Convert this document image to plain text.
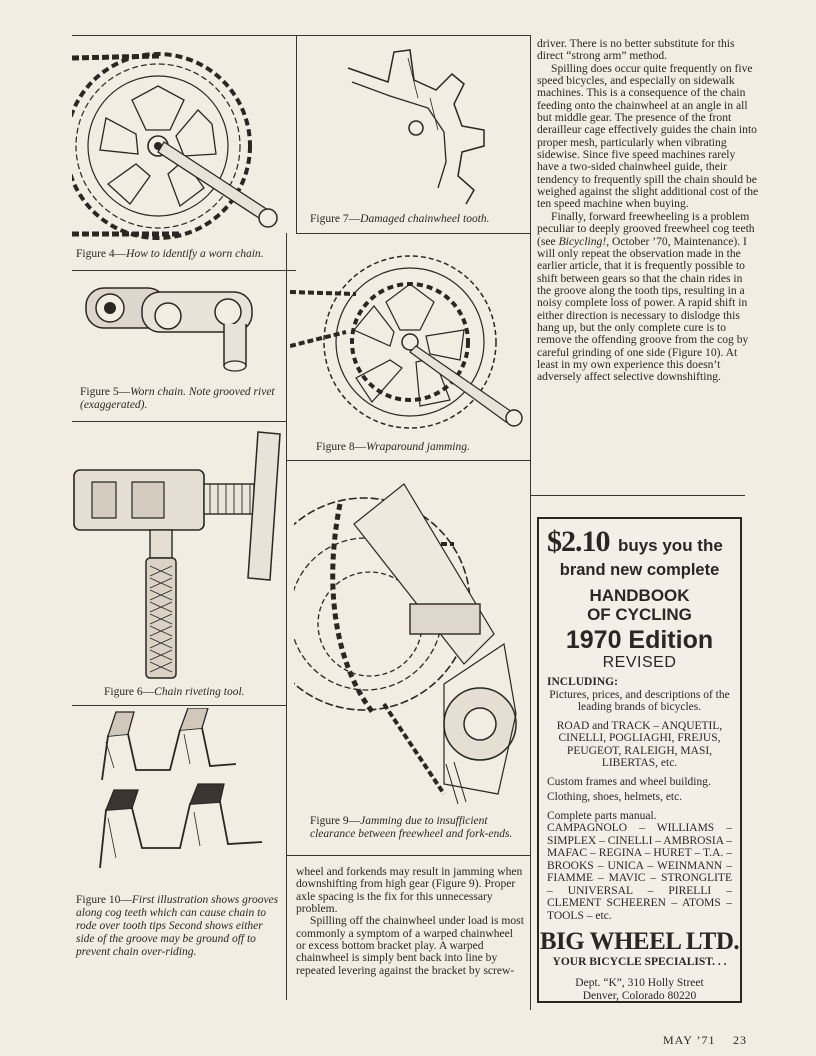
Figure 4—How to identify a worn chain.
Figure 7—Damaged chainwheel tooth.
Figure 5—Worn chain. Note grooved rivet (exaggerated).
Figure 8—Wraparound jamming.
Figure 6—Chain riveting tool.
Figure 9—Jamming due to insufficient clearance between freewheel and fork-ends.
Figure 10—First illustration shows grooves along cog teeth which can cause chain to rode over tooth tips Second shows either side of the groove may be ground off to prevent chain over-riding.

wheel and forkends may result in jamming when downshifting from high gear (Figure 9). Proper axle spacing is the fix for this unnecessary problem.

Spilling off the chainwheel under load is most commonly a symptom of a warped chainwheel or excess bottom bracket play. A warped chainwheel is simply bent back into line by repeated levering against the bracket by screw-

driver. There is no better substitute for this direct “strong arm” method.

Spilling does occur quite frequently on five speed bicycles, and especially on sidewalk machines. This is a consequence of the chain feeding onto the chainwheel at an angle in all but middle gear. The presence of the front derailleur cage effectively guides the chain into proper mesh, particularly when vibrating sidewise. Since five speed machines rarely have a two-sided chainwheel guide, their tendency to frequently spill the chain should be weighed against the slight additional cost of the ten speed machine when buying.

Finally, forward freewheeling is a problem peculiar to deeply grooved freewheel cog teeth (see Bicycling!, October ’70, Maintenance). I will only repeat the observation made in the earlier article, that it is frequently possible to shift between gears so that the chain rides in the groove along the tooth tips, resulting in a noisy complete loss of power. A rapid shift in either direction is necessary to dislodge this hang up, but the only complete cure is to remove the offending groove from the cog by careful grinding of one side (Figure 10). At least in my own experience this doesn’t adversely affect selective downshifting.

$2.10 buys you the
brand new complete
HANDBOOK
OF CYCLING
1970 Edition
REVISED
INCLUDING:
Pictures, prices, and descriptions of the leading brands of bicycles.
ROAD and TRACK – ANQUETIL, CINELLI, POGLIAGHI, FREJUS, PEUGEOT, RALEIGH, MASI, LIBERTAS, etc.
Custom frames and wheel building.
Clothing, shoes, helmets, etc.
Complete parts manual.
CAMPAGNOLO – WILLIAMS – SIMPLEX – CINELLI – AMBROSIA – MAFAC – REGINA – HURET – T.A. – BROOKS – UNICA – WEINMANN – FIAMME – MAVIC – STRONGLITE – UNIVERSAL – PIRELLI – CLEMENT SCHEEREN – ATOMS – TOOLS – etc.
BIG WHEEL LTD.
YOUR BICYCLE SPECIALIST. . .
Dept. “K”, 310 Holly Street
Denver, Colorado 80220
MAY ’71 23
